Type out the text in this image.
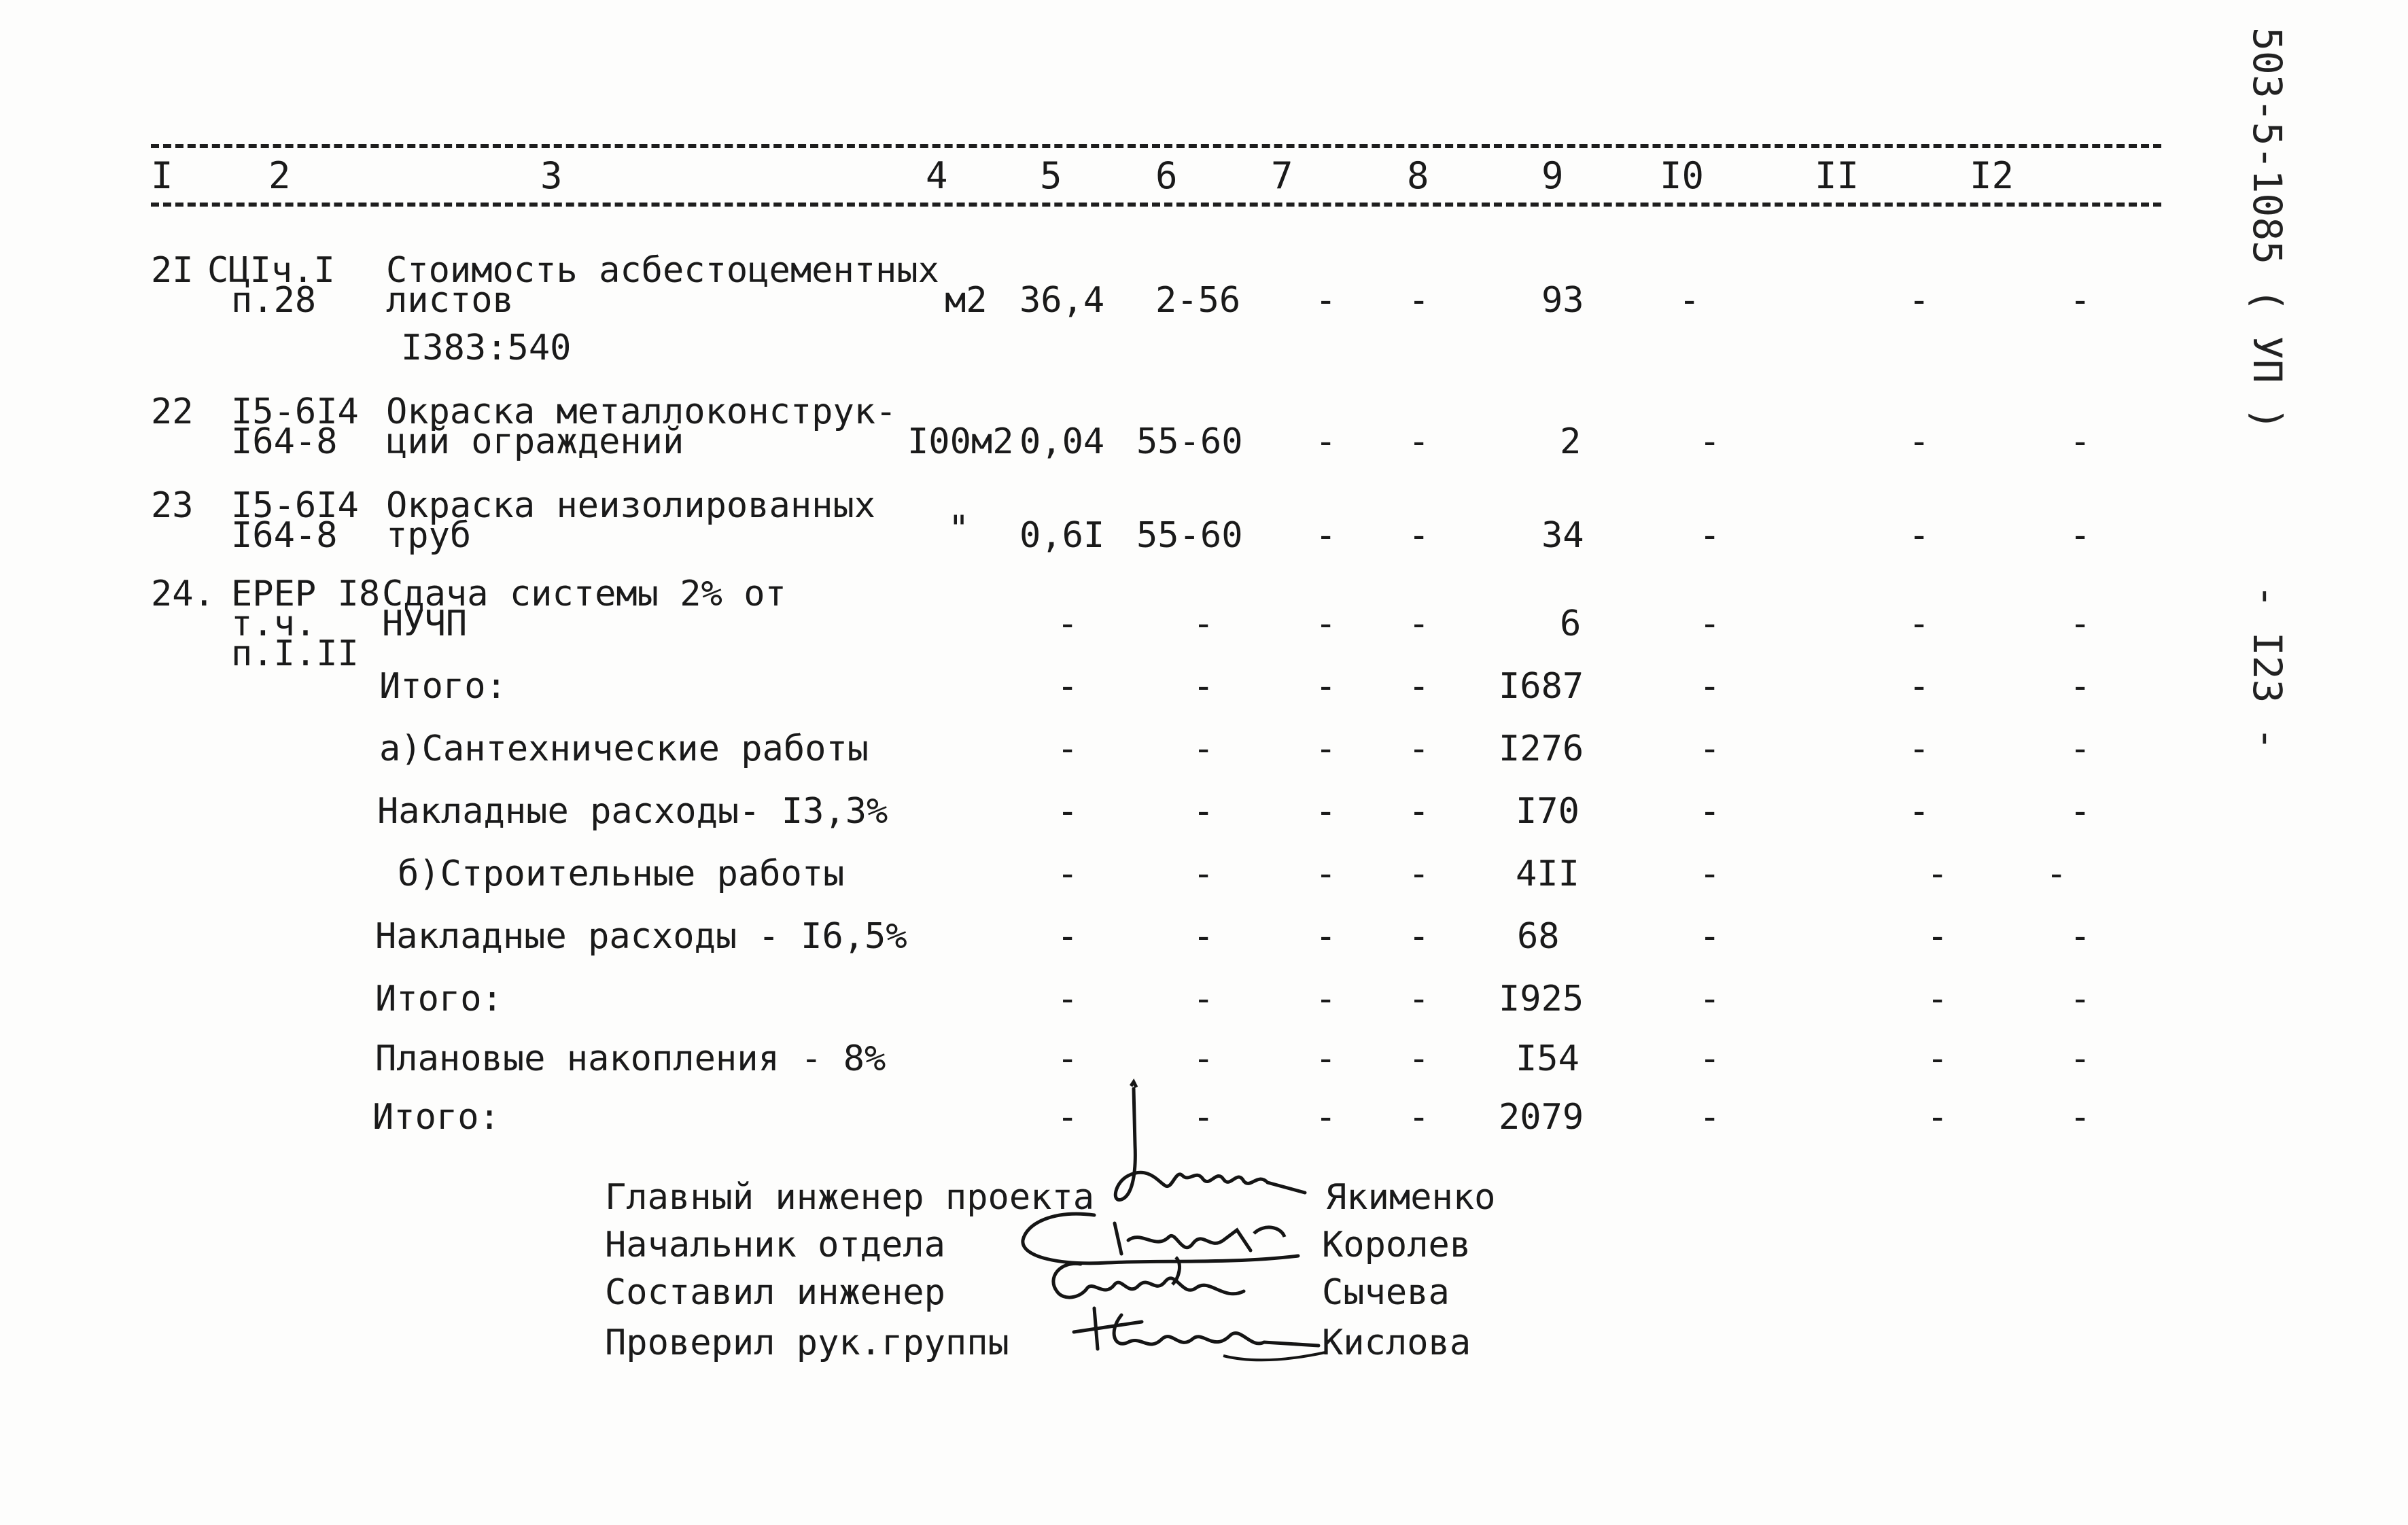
503-5-1085 ( УП )
- I23 -
I	2	3	4	5	6	7	8	9	I0	II	I2
2I СЦIч.I
п.28
Стоимость асбестоцементных
листов
I383:540
м2 36,4 2-56 - -	93	-	-	-
22 I5-6I4
I64-8
Окраска металлоконструк-
ций ограждений	I00м2 0,04 55-60 - -	2	-	-	-
23 I5-6I4
I64-8
Окраска неизолированных
труб	" 0,6I 55-60 - -	34	-	-	-
24. ЕРЕР I8
т.ч.
п.I.II
Сдача системы 2% от
НУЧП	-	-	- -	6	-	-	-
Итого:	-	-	- - I687	-	-	-
а)Сантехнические работы	-	-	- - I276	-	-	-
Накладные расходы- I3,3%	-	-	- - I70	-	-	-
б)Строительные работы	-	-	- - 4II	-	-	-
Накладные расходы - I6,5%	-	-	- - 68	-	-	-
Итого:	-	-	- - I925	-	-	-
Плановые накопления - 8%	-	-	- - I54	-	-	-
Итого:	-	-	- - 2079	-	-	-
Главный инженер проекта	Якименко
Начальник отдела	Королев
Составил инженер	Сычева
Проверил рук.группы	Кислова
